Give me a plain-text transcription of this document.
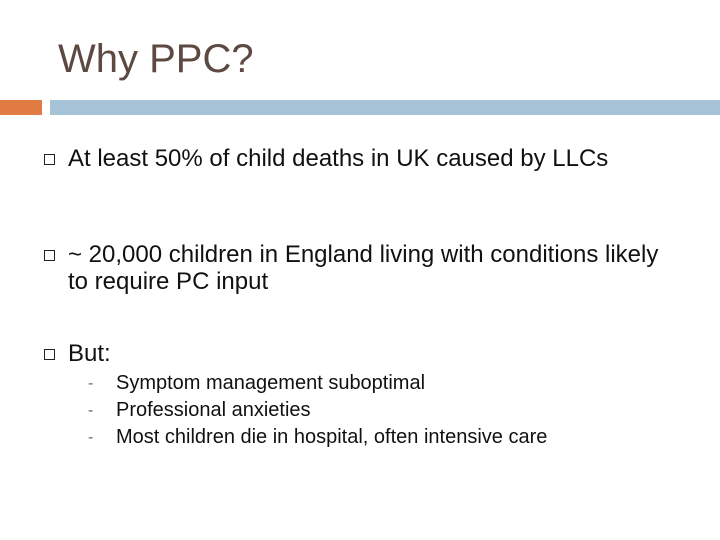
Why PPC?
At least 50% of child deaths in UK caused by LLCs
~ 20,000 children in England living with conditions likely to require PC input
But:
-	Symptom management suboptimal
-	Professional anxieties
-	Most children die in hospital, often intensive care
